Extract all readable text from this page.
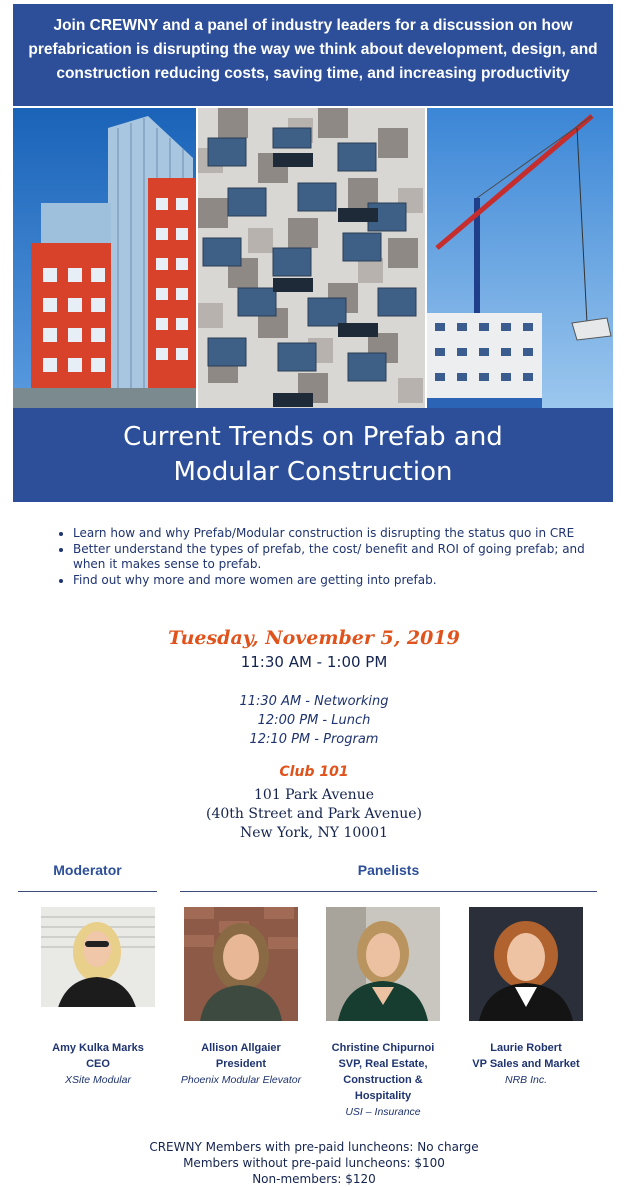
Join CREWNY and a panel of industry leaders for a discussion on how prefabrication is disrupting the way we think about development, design, and construction reducing costs, saving time, and increasing productivity
Current Trends on Prefab and
Modular Construction
• Learn how and why Prefab/Modular construction is disrupting the status quo in CRE
• Better understand the types of prefab, the cost/ benefit and ROI of going prefab; and when it makes sense to prefab.
• Find out why more and more women are getting into prefab.
Tuesday, November 5, 2019
11:30 AM - 1:00 PM
11:30 AM - Networking
12:00 PM - Lunch
12:10 PM - Program
Club 101
101 Park Avenue
(40th Street and Park Avenue)
New York, NY 10001
Moderator	Panelists
Amy Kulka Marks
CEO
XSite Modular
Allison Allgaier
President
Phoenix Modular Elevator
Christine Chipurnoi
SVP, Real Estate,
Construction &
Hospitality
USI – Insurance
Laurie Robert
VP Sales and Market
NRB Inc.
CREWNY Members with pre-paid luncheons: No charge
Members without pre-paid luncheons: $100
Non-members: $120
